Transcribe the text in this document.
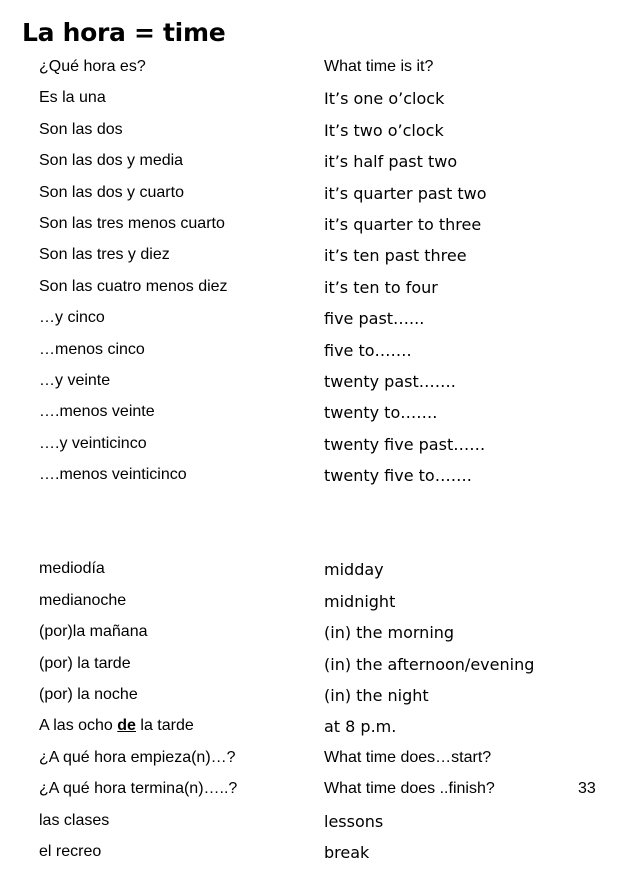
La hora = time
¿Qué hora es?	What time is it?
Es la una	It’s one o’clock
Son las dos	It’s two o’clock
Son las dos y media	it’s half past two
Son las dos y cuarto	it’s quarter past two
Son las tres menos cuarto	it’s quarter to three
Son las tres y diez	it’s ten past three
Son las cuatro menos diez	it’s ten to four
…y cinco	five past…...
…menos cinco	five to…….
…y veinte	twenty past…….
….menos veinte	twenty to…….
….y veinticinco	twenty five past……
….menos veinticinco	twenty five to…….
mediodía	midday
medianoche	midnight
(por)la mañana	(in) the morning
(por) la tarde	(in) the afternoon/evening
(por) la noche	(in) the night
A las ocho de la tarde	at 8 p.m.
¿A qué hora empieza(n)…?	What time does…start?
¿A qué hora termina(n)…..?	What time does ..finish?
las clases	lessons
el recreo	break
33
